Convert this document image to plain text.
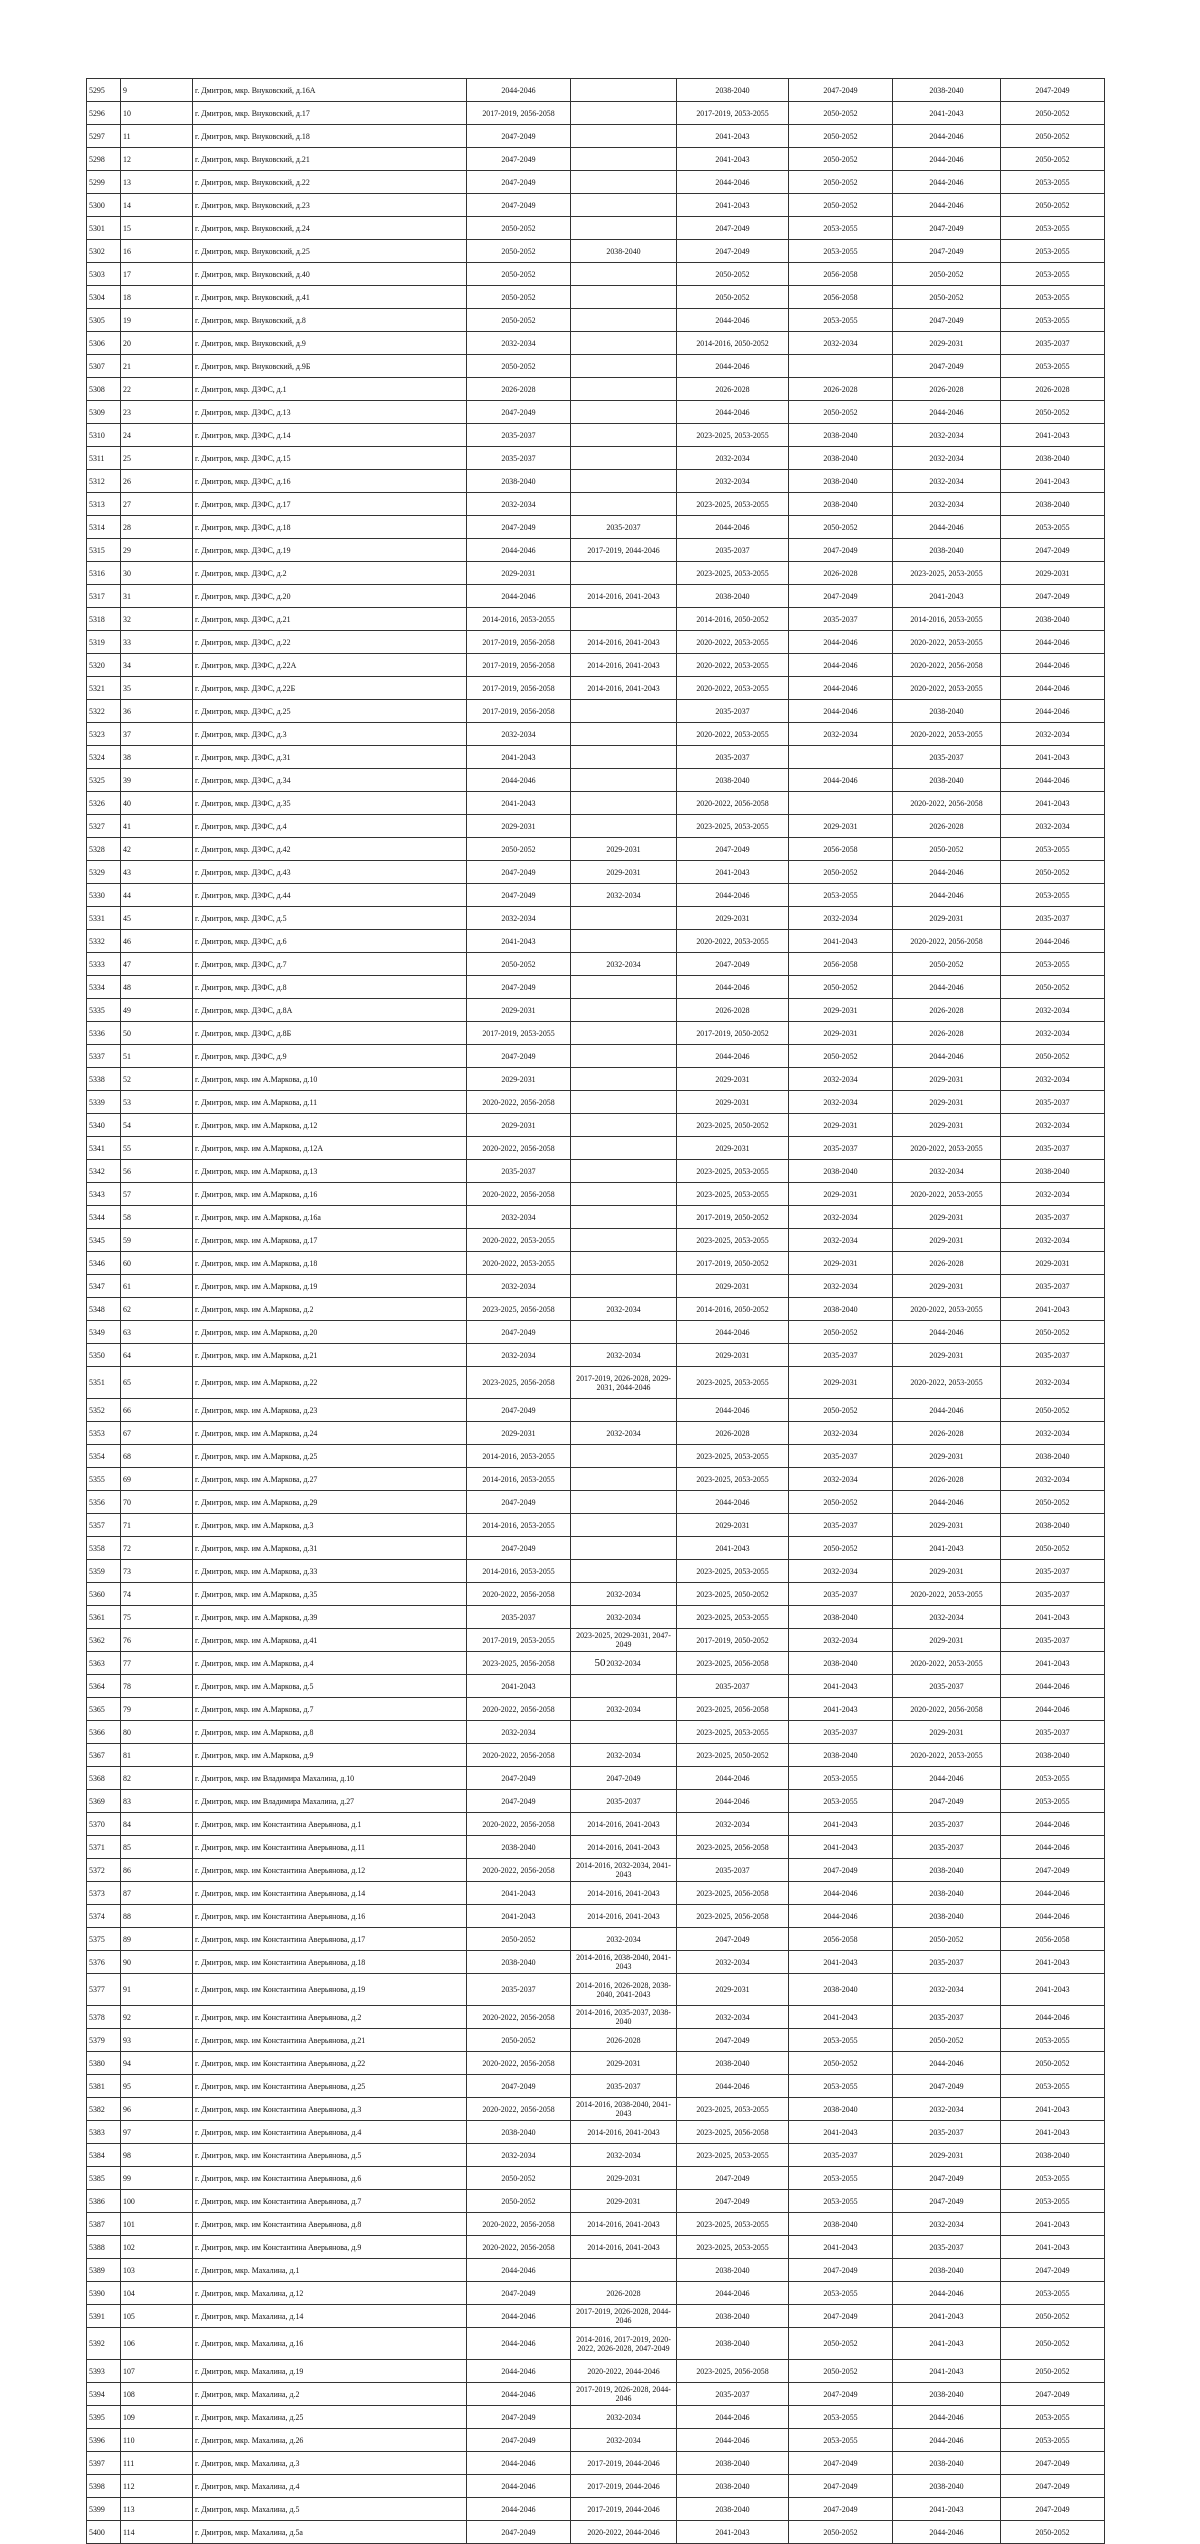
5295	9	г. Дмитров, мкр. Внуковский, д.16А	2044-2046		2038-2040	2047-2049	2038-2040	2047-2049
5296	10	г. Дмитров, мкр. Внуковский, д.17	2017-2019, 2056-2058		2017-2019, 2053-2055	2050-2052	2041-2043	2050-2052
5297	11	г. Дмитров, мкр. Внуковский, д.18	2047-2049		2041-2043	2050-2052	2044-2046	2050-2052
5298	12	г. Дмитров, мкр. Внуковский, д.21	2047-2049		2041-2043	2050-2052	2044-2046	2050-2052
5299	13	г. Дмитров, мкр. Внуковский, д.22	2047-2049		2044-2046	2050-2052	2044-2046	2053-2055
5300	14	г. Дмитров, мкр. Внуковский, д.23	2047-2049		2041-2043	2050-2052	2044-2046	2050-2052
5301	15	г. Дмитров, мкр. Внуковский, д.24	2050-2052		2047-2049	2053-2055	2047-2049	2053-2055
5302	16	г. Дмитров, мкр. Внуковский, д.25	2050-2052	2038-2040	2047-2049	2053-2055	2047-2049	2053-2055
5303	17	г. Дмитров, мкр. Внуковский, д.40	2050-2052		2050-2052	2056-2058	2050-2052	2053-2055
5304	18	г. Дмитров, мкр. Внуковский, д.41	2050-2052		2050-2052	2056-2058	2050-2052	2053-2055
5305	19	г. Дмитров, мкр. Внуковский, д.8	2050-2052		2044-2046	2053-2055	2047-2049	2053-2055
5306	20	г. Дмитров, мкр. Внуковский, д.9	2032-2034		2014-2016, 2050-2052	2032-2034	2029-2031	2035-2037
5307	21	г. Дмитров, мкр. Внуковский, д.9Б	2050-2052		2044-2046		2047-2049	2053-2055
5308	22	г. Дмитров, мкр. ДЗФС, д.1	2026-2028		2026-2028	2026-2028	2026-2028	2026-2028
5309	23	г. Дмитров, мкр. ДЗФС, д.13	2047-2049		2044-2046	2050-2052	2044-2046	2050-2052
5310	24	г. Дмитров, мкр. ДЗФС, д.14	2035-2037		2023-2025, 2053-2055	2038-2040	2032-2034	2041-2043
5311	25	г. Дмитров, мкр. ДЗФС, д.15	2035-2037		2032-2034	2038-2040	2032-2034	2038-2040
5312	26	г. Дмитров, мкр. ДЗФС, д.16	2038-2040		2032-2034	2038-2040	2032-2034	2041-2043
5313	27	г. Дмитров, мкр. ДЗФС, д.17	2032-2034		2023-2025, 2053-2055	2038-2040	2032-2034	2038-2040
5314	28	г. Дмитров, мкр. ДЗФС, д.18	2047-2049	2035-2037	2044-2046	2050-2052	2044-2046	2053-2055
5315	29	г. Дмитров, мкр. ДЗФС, д.19	2044-2046	2017-2019, 2044-2046	2035-2037	2047-2049	2038-2040	2047-2049
5316	30	г. Дмитров, мкр. ДЗФС, д.2	2029-2031		2023-2025, 2053-2055	2026-2028	2023-2025, 2053-2055	2029-2031
5317	31	г. Дмитров, мкр. ДЗФС, д.20	2044-2046	2014-2016, 2041-2043	2038-2040	2047-2049	2041-2043	2047-2049
5318	32	г. Дмитров, мкр. ДЗФС, д.21	2014-2016, 2053-2055		2014-2016, 2050-2052	2035-2037	2014-2016, 2053-2055	2038-2040
5319	33	г. Дмитров, мкр. ДЗФС, д.22	2017-2019, 2056-2058	2014-2016, 2041-2043	2020-2022, 2053-2055	2044-2046	2020-2022, 2053-2055	2044-2046
5320	34	г. Дмитров, мкр. ДЗФС, д.22А	2017-2019, 2056-2058	2014-2016, 2041-2043	2020-2022, 2053-2055	2044-2046	2020-2022, 2056-2058	2044-2046
5321	35	г. Дмитров, мкр. ДЗФС, д.22Б	2017-2019, 2056-2058	2014-2016, 2041-2043	2020-2022, 2053-2055	2044-2046	2020-2022, 2053-2055	2044-2046
5322	36	г. Дмитров, мкр. ДЗФС, д.25	2017-2019, 2056-2058		2035-2037	2044-2046	2038-2040	2044-2046
5323	37	г. Дмитров, мкр. ДЗФС, д.3	2032-2034		2020-2022, 2053-2055	2032-2034	2020-2022, 2053-2055	2032-2034
5324	38	г. Дмитров, мкр. ДЗФС, д.31	2041-2043		2035-2037		2035-2037	2041-2043
5325	39	г. Дмитров, мкр. ДЗФС, д.34	2044-2046		2038-2040	2044-2046	2038-2040	2044-2046
5326	40	г. Дмитров, мкр. ДЗФС, д.35	2041-2043		2020-2022, 2056-2058		2020-2022, 2056-2058	2041-2043
5327	41	г. Дмитров, мкр. ДЗФС, д.4	2029-2031		2023-2025, 2053-2055	2029-2031	2026-2028	2032-2034
5328	42	г. Дмитров, мкр. ДЗФС, д.42	2050-2052	2029-2031	2047-2049	2056-2058	2050-2052	2053-2055
5329	43	г. Дмитров, мкр. ДЗФС, д.43	2047-2049	2029-2031	2041-2043	2050-2052	2044-2046	2050-2052
5330	44	г. Дмитров, мкр. ДЗФС, д.44	2047-2049	2032-2034	2044-2046	2053-2055	2044-2046	2053-2055
5331	45	г. Дмитров, мкр. ДЗФС, д.5	2032-2034		2029-2031	2032-2034	2029-2031	2035-2037
5332	46	г. Дмитров, мкр. ДЗФС, д.6	2041-2043		2020-2022, 2053-2055	2041-2043	2020-2022, 2056-2058	2044-2046
5333	47	г. Дмитров, мкр. ДЗФС, д.7	2050-2052	2032-2034	2047-2049	2056-2058	2050-2052	2053-2055
5334	48	г. Дмитров, мкр. ДЗФС, д.8	2047-2049		2044-2046	2050-2052	2044-2046	2050-2052
5335	49	г. Дмитров, мкр. ДЗФС, д.8А	2029-2031		2026-2028	2029-2031	2026-2028	2032-2034
5336	50	г. Дмитров, мкр. ДЗФС, д.8Б	2017-2019, 2053-2055		2017-2019, 2050-2052	2029-2031	2026-2028	2032-2034
5337	51	г. Дмитров, мкр. ДЗФС, д.9	2047-2049		2044-2046	2050-2052	2044-2046	2050-2052
5338	52	г. Дмитров, мкр. им А.Маркова, д.10	2029-2031		2029-2031	2032-2034	2029-2031	2032-2034
5339	53	г. Дмитров, мкр. им А.Маркова, д.11	2020-2022, 2056-2058		2029-2031	2032-2034	2029-2031	2035-2037
5340	54	г. Дмитров, мкр. им А.Маркова, д.12	2029-2031		2023-2025, 2050-2052	2029-2031	2029-2031	2032-2034
5341	55	г. Дмитров, мкр. им А.Маркова, д.12А	2020-2022, 2056-2058		2029-2031	2035-2037	2020-2022, 2053-2055	2035-2037
5342	56	г. Дмитров, мкр. им А.Маркова, д.13	2035-2037		2023-2025, 2053-2055	2038-2040	2032-2034	2038-2040
5343	57	г. Дмитров, мкр. им А.Маркова, д.16	2020-2022, 2056-2058		2023-2025, 2053-2055	2029-2031	2020-2022, 2053-2055	2032-2034
5344	58	г. Дмитров, мкр. им А.Маркова, д.16а	2032-2034		2017-2019, 2050-2052	2032-2034	2029-2031	2035-2037
5345	59	г. Дмитров, мкр. им А.Маркова, д.17	2020-2022, 2053-2055		2023-2025, 2053-2055	2032-2034	2029-2031	2032-2034
5346	60	г. Дмитров, мкр. им А.Маркова, д.18	2020-2022, 2053-2055		2017-2019, 2050-2052	2029-2031	2026-2028	2029-2031
5347	61	г. Дмитров, мкр. им А.Маркова, д.19	2032-2034		2029-2031	2032-2034	2029-2031	2035-2037
5348	62	г. Дмитров, мкр. им А.Маркова, д.2	2023-2025, 2056-2058	2032-2034	2014-2016, 2050-2052	2038-2040	2020-2022, 2053-2055	2041-2043
5349	63	г. Дмитров, мкр. им А.Маркова, д.20	2047-2049		2044-2046	2050-2052	2044-2046	2050-2052
5350	64	г. Дмитров, мкр. им А.Маркова, д.21	2032-2034	2032-2034	2029-2031	2035-2037	2029-2031	2035-2037
5351	65	г. Дмитров, мкр. им А.Маркова, д.22	2023-2025, 2056-2058	2017-2019, 2026-2028, 2029-2031, 2044-2046	2023-2025, 2053-2055	2029-2031	2020-2022, 2053-2055	2032-2034
5352	66	г. Дмитров, мкр. им А.Маркова, д.23	2047-2049		2044-2046	2050-2052	2044-2046	2050-2052
5353	67	г. Дмитров, мкр. им А.Маркова, д.24	2029-2031	2032-2034	2026-2028	2032-2034	2026-2028	2032-2034
5354	68	г. Дмитров, мкр. им А.Маркова, д.25	2014-2016, 2053-2055		2023-2025, 2053-2055	2035-2037	2029-2031	2038-2040
5355	69	г. Дмитров, мкр. им А.Маркова, д.27	2014-2016, 2053-2055		2023-2025, 2053-2055	2032-2034	2026-2028	2032-2034
5356	70	г. Дмитров, мкр. им А.Маркова, д.29	2047-2049		2044-2046	2050-2052	2044-2046	2050-2052
5357	71	г. Дмитров, мкр. им А.Маркова, д.3	2014-2016, 2053-2055		2029-2031	2035-2037	2029-2031	2038-2040
5358	72	г. Дмитров, мкр. им А.Маркова, д.31	2047-2049		2041-2043	2050-2052	2041-2043	2050-2052
5359	73	г. Дмитров, мкр. им А.Маркова, д.33	2014-2016, 2053-2055		2023-2025, 2053-2055	2032-2034	2029-2031	2035-2037
5360	74	г. Дмитров, мкр. им А.Маркова, д.35	2020-2022, 2056-2058	2032-2034	2023-2025, 2050-2052	2035-2037	2020-2022, 2053-2055	2035-2037
5361	75	г. Дмитров, мкр. им А.Маркова, д.39	2035-2037	2032-2034	2023-2025, 2053-2055	2038-2040	2032-2034	2041-2043
5362	76	г. Дмитров, мкр. им А.Маркова, д.41	2017-2019, 2053-2055	2023-2025, 2029-2031, 2047-2049	2017-2019, 2050-2052	2032-2034	2029-2031	2035-2037
5363	77	г. Дмитров, мкр. им А.Маркова, д.4	2023-2025, 2056-2058	2032-2034	2023-2025, 2056-2058	2038-2040	2020-2022, 2053-2055	2041-2043
5364	78	г. Дмитров, мкр. им А.Маркова, д.5	2041-2043		2035-2037	2041-2043	2035-2037	2044-2046
5365	79	г. Дмитров, мкр. им А.Маркова, д.7	2020-2022, 2056-2058	2032-2034	2023-2025, 2056-2058	2041-2043	2020-2022, 2056-2058	2044-2046
5366	80	г. Дмитров, мкр. им А.Маркова, д.8	2032-2034		2023-2025, 2053-2055	2035-2037	2029-2031	2035-2037
5367	81	г. Дмитров, мкр. им А.Маркова, д.9	2020-2022, 2056-2058	2032-2034	2023-2025, 2050-2052	2038-2040	2020-2022, 2053-2055	2038-2040
5368	82	г. Дмитров, мкр. им Владимира Махалина, д.10	2047-2049	2047-2049	2044-2046	2053-2055	2044-2046	2053-2055
5369	83	г. Дмитров, мкр. им Владимира Махалина, д.27	2047-2049	2035-2037	2044-2046	2053-2055	2047-2049	2053-2055
5370	84	г. Дмитров, мкр. им Константина Аверьянова, д.1	2020-2022, 2056-2058	2014-2016, 2041-2043	2032-2034	2041-2043	2035-2037	2044-2046
5371	85	г. Дмитров, мкр. им Константина Аверьянова, д.11	2038-2040	2014-2016, 2041-2043	2023-2025, 2056-2058	2041-2043	2035-2037	2044-2046
5372	86	г. Дмитров, мкр. им Константина Аверьянова, д.12	2020-2022, 2056-2058	2014-2016, 2032-2034, 2041-2043	2035-2037	2047-2049	2038-2040	2047-2049
5373	87	г. Дмитров, мкр. им Константина Аверьянова, д.14	2041-2043	2014-2016, 2041-2043	2023-2025, 2056-2058	2044-2046	2038-2040	2044-2046
5374	88	г. Дмитров, мкр. им Константина Аверьянова, д.16	2041-2043	2014-2016, 2041-2043	2023-2025, 2056-2058	2044-2046	2038-2040	2044-2046
5375	89	г. Дмитров, мкр. им Константина Аверьянова, д.17	2050-2052	2032-2034	2047-2049	2056-2058	2050-2052	2056-2058
5376	90	г. Дмитров, мкр. им Константина Аверьянова, д.18	2038-2040	2014-2016, 2038-2040, 2041-2043	2032-2034	2041-2043	2035-2037	2041-2043
5377	91	г. Дмитров, мкр. им Константина Аверьянова, д.19	2035-2037	2014-2016, 2026-2028, 2038-2040, 2041-2043	2029-2031	2038-2040	2032-2034	2041-2043
5378	92	г. Дмитров, мкр. им Константина Аверьянова, д.2	2020-2022, 2056-2058	2014-2016, 2035-2037, 2038-2040	2032-2034	2041-2043	2035-2037	2044-2046
5379	93	г. Дмитров, мкр. им Константина Аверьянова, д.21	2050-2052	2026-2028	2047-2049	2053-2055	2050-2052	2053-2055
5380	94	г. Дмитров, мкр. им Константина Аверьянова, д.22	2020-2022, 2056-2058	2029-2031	2038-2040	2050-2052	2044-2046	2050-2052
5381	95	г. Дмитров, мкр. им Константина Аверьянова, д.25	2047-2049	2035-2037	2044-2046	2053-2055	2047-2049	2053-2055
5382	96	г. Дмитров, мкр. им Константина Аверьянова, д.3	2020-2022, 2056-2058	2014-2016, 2038-2040, 2041-2043	2023-2025, 2053-2055	2038-2040	2032-2034	2041-2043
5383	97	г. Дмитров, мкр. им Константина Аверьянова, д.4	2038-2040	2014-2016, 2041-2043	2023-2025, 2056-2058	2041-2043	2035-2037	2041-2043
5384	98	г. Дмитров, мкр. им Константина Аверьянова, д.5	2032-2034	2032-2034	2023-2025, 2053-2055	2035-2037	2029-2031	2038-2040
5385	99	г. Дмитров, мкр. им Константина Аверьянова, д.6	2050-2052	2029-2031	2047-2049	2053-2055	2047-2049	2053-2055
5386	100	г. Дмитров, мкр. им Константина Аверьянова, д.7	2050-2052	2029-2031	2047-2049	2053-2055	2047-2049	2053-2055
5387	101	г. Дмитров, мкр. им Константина Аверьянова, д.8	2020-2022, 2056-2058	2014-2016, 2041-2043	2023-2025, 2053-2055	2038-2040	2032-2034	2041-2043
5388	102	г. Дмитров, мкр. им Константина Аверьянова, д.9	2020-2022, 2056-2058	2014-2016, 2041-2043	2023-2025, 2053-2055	2041-2043	2035-2037	2041-2043
5389	103	г. Дмитров, мкр. Махалина, д.1	2044-2046		2038-2040	2047-2049	2038-2040	2047-2049
5390	104	г. Дмитров, мкр. Махалина, д.12	2047-2049	2026-2028	2044-2046	2053-2055	2044-2046	2053-2055
5391	105	г. Дмитров, мкр. Махалина, д.14	2044-2046	2017-2019, 2026-2028, 2044-2046	2038-2040	2047-2049	2041-2043	2050-2052
5392	106	г. Дмитров, мкр. Махалина, д.16	2044-2046	2014-2016, 2017-2019, 2020-2022, 2026-2028, 2047-2049	2038-2040	2050-2052	2041-2043	2050-2052
5393	107	г. Дмитров, мкр. Махалина, д.19	2044-2046	2020-2022, 2044-2046	2023-2025, 2056-2058	2050-2052	2041-2043	2050-2052
5394	108	г. Дмитров, мкр. Махалина, д.2	2044-2046	2017-2019, 2026-2028, 2044-2046	2035-2037	2047-2049	2038-2040	2047-2049
5395	109	г. Дмитров, мкр. Махалина, д.25	2047-2049	2032-2034	2044-2046	2053-2055	2044-2046	2053-2055
5396	110	г. Дмитров, мкр. Махалина, д.26	2047-2049	2032-2034	2044-2046	2053-2055	2044-2046	2053-2055
5397	111	г. Дмитров, мкр. Махалина, д.3	2044-2046	2017-2019, 2044-2046	2038-2040	2047-2049	2038-2040	2047-2049
5398	112	г. Дмитров, мкр. Махалина, д.4	2044-2046	2017-2019, 2044-2046	2038-2040	2047-2049	2038-2040	2047-2049
5399	113	г. Дмитров, мкр. Махалина, д.5	2044-2046	2017-2019, 2044-2046	2038-2040	2047-2049	2041-2043	2047-2049
5400	114	г. Дмитров, мкр. Махалина, д.5а	2047-2049	2020-2022, 2044-2046	2041-2043	2050-2052	2044-2046	2050-2052
50
